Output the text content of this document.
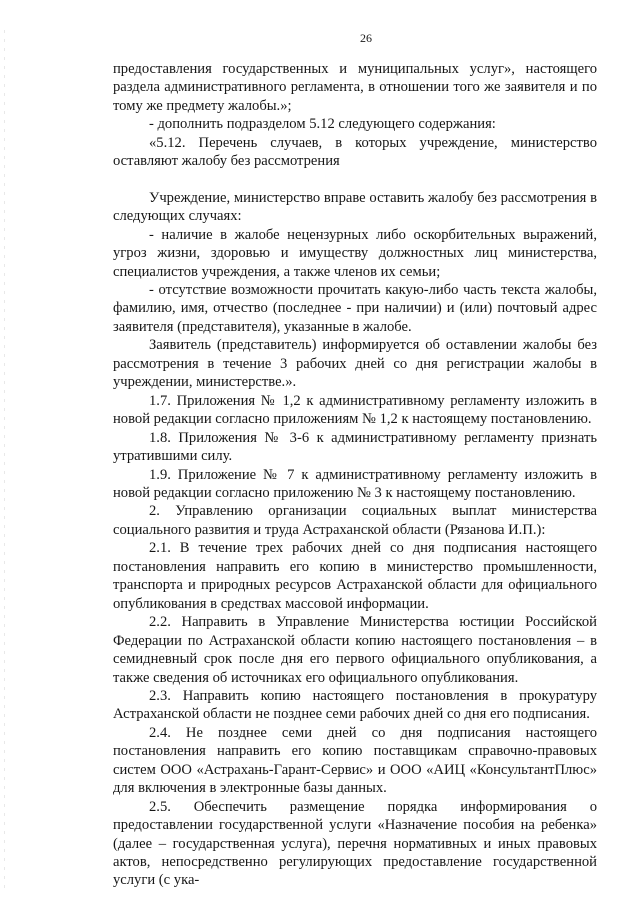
26

предоставления государственных и муниципальных услуг», настоящего раздела административного регламента, в отношении того же заявителя и по тому же предмету жалобы.»;

- дополнить подразделом 5.12 следующего содержания:

«5.12. Перечень случаев, в которых учреждение, министерство оставляют жалобу без рассмотрения

Учреждение, министерство вправе оставить жалобу без рассмотрения в следующих случаях:

- наличие в жалобе нецензурных либо оскорбительных выражений, угроз жизни, здоровью и имуществу должностных лиц министерства, специалистов учреждения, а также членов их семьи;

- отсутствие возможности прочитать какую-либо часть текста жалобы, фамилию, имя, отчество (последнее - при наличии) и (или) почтовый адрес заявителя (представителя), указанные в жалобе.

Заявитель (представитель) информируется об оставлении жалобы без рассмотрения в течение 3 рабочих дней со дня регистрации жалобы в учреждении, министерстве.».

1.7. Приложения № 1,2 к административному регламенту изложить в новой редакции согласно приложениям № 1,2 к настоящему постановлению.

1.8. Приложения № 3-6 к административному регламенту признать утратившими силу.

1.9. Приложение № 7 к административному регламенту изложить в новой редакции согласно приложению № 3 к настоящему постановлению.

2. Управлению организации социальных выплат министерства социального развития и труда Астраханской области (Рязанова И.П.):

2.1. В течение трех рабочих дней со дня подписания настоящего постановления направить его копию в министерство промышленности, транспорта и природных ресурсов Астраханской области для официального опубликования в средствах массовой информации.

2.2. Направить в Управление Министерства юстиции Российской Федерации по Астраханской области копию настоящего постановления – в семидневный срок после дня его первого официального опубликования, а также сведения об источниках его официального опубликования.

2.3. Направить копию настоящего постановления в прокуратуру Астраханской области не позднее семи рабочих дней со дня его подписания.

2.4. Не позднее семи дней со дня подписания настоящего постановления направить его копию поставщикам справочно-правовых систем ООО «Астрахань-Гарант-Сервис» и ООО «АИЦ «КонсультантПлюс» для включения в электронные базы данных.

2.5. Обеспечить размещение порядка информирования о предоставлении государственной услуги «Назначение пособия на ребенка» (далее – государственная услуга), перечня нормативных и иных правовых актов, непосредственно регулирующих предоставление государственной услуги (с ука-
